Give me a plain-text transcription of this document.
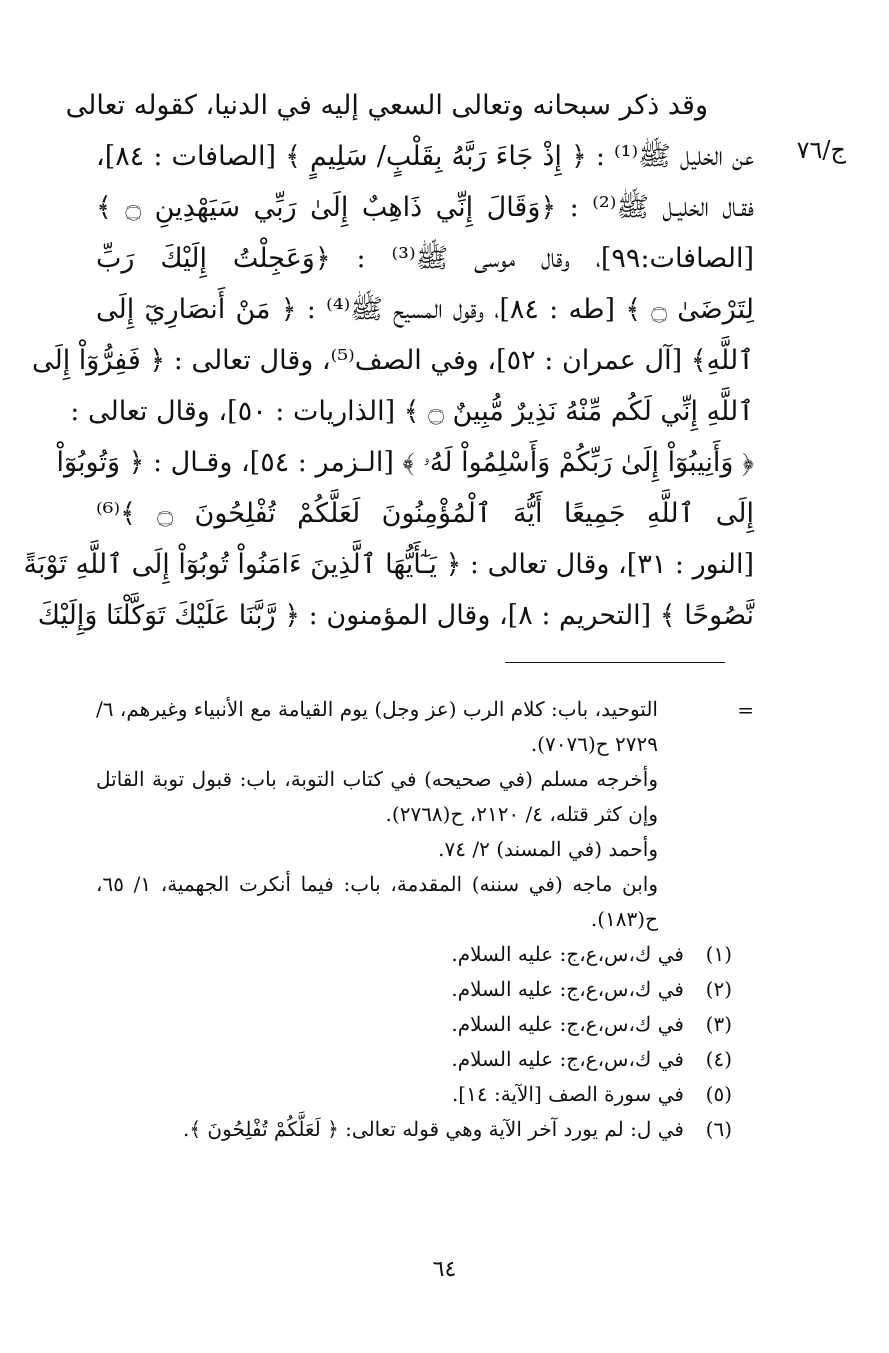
ج/٧٦
وقد ذكر سبحانه وتعالى السعي إليه في الدنيا، كقوله تعالى
عن الخليل ﷺ⁽¹⁾ : ﴿ إِذْ جَاءَ رَبَّهُ بِقَلْبٍ/ سَلِيمٍ ﴾ [الصافات : ٨٤]،
فقـال الخليـل ﷺ⁽²⁾ : ﴿وَقَالَ إِنِّي ذَاهِبٌ إِلَىٰ رَبِّي سَيَهْدِينِ ۝ ﴾
[الصافات:٩٩]، وقال موسى ﷺ⁽³⁾ : ﴿وَعَجِلْتُ إِلَيْكَ رَبِّ
لِتَرْضَىٰ ۝ ﴾ [طه : ٨٤]، وقول المسيح ﷺ⁽⁴⁾ : ﴿ مَنْ أَنصَارِيٓ إِلَى
ٱللَّهِ﴾ [آل عمران : ٥٢]، وفي الصف⁽⁵⁾، وقال تعالى : ﴿ فَفِرُّوٓاْ إِلَى
ٱللَّهِ إِنِّي لَكُم مِّنْهُ نَذِيرٌ مُّبِينٌ ۝ ﴾ [الذاريات : ٥٠]، وقال تعالى :
﴿ وَأَنِيبُوٓاْ إِلَىٰ رَبِّكُمْ وَأَسْلِمُواْ لَهُۥ ﴾ [الـزمر : ٥٤]، وقـال : ﴿ وَتُوبُوٓاْ
إِلَى ٱللَّهِ جَمِيعًا أَيُّهَ ٱلْمُؤْمِنُونَ لَعَلَّكُمْ تُفْلِحُونَ ۝ ﴾⁽⁶⁾
[النور : ٣١]، وقال تعالى : ﴿ يَـٰٓأَيُّهَا ٱلَّذِينَ ءَامَنُواْ تُوبُوٓاْ إِلَى ٱللَّهِ تَوْبَةً
نَّصُوحًا ﴾ [التحريم : ٨]، وقال المؤمنون : ﴿ رَّبَّنَا عَلَيْكَ تَوَكَّلْنَا وَإِلَيْكَ
=

التوحيد، باب: كلام الرب (عز وجل) يوم القيامة مع الأنبياء وغيرهم، ٦/ ٢٧٢٩ ح(٧٠٧٦).

وأخرجه مسلم (في صحيحه) في كتاب التوبة، باب: قبول توبة القاتل وإن كثر قتله، ٤/ ٢١٢٠، ح(٢٧٦٨).

وأحمد (في المسند) ٢/ ٧٤.

وابن ماجه (في سننه) المقدمة، باب: فيما أنكرت الجهمية، ١/ ٦٥، ح(١٨٣).

(١)
في ك،س،ع،ج: عليه السلام.
(٢)
في ك،س،ع،ج: عليه السلام.
(٣)
في ك،س،ع،ج: عليه السلام.
(٤)
في ك،س،ع،ج: عليه السلام.
(٥)
في سورة الصف [الآية: ١٤].
(٦)
في ل: لم يورد آخر الآية وهي قوله تعالى: ﴿ لَعَلَّكُمْ تُفْلِحُونَ ﴾.
٦٤
